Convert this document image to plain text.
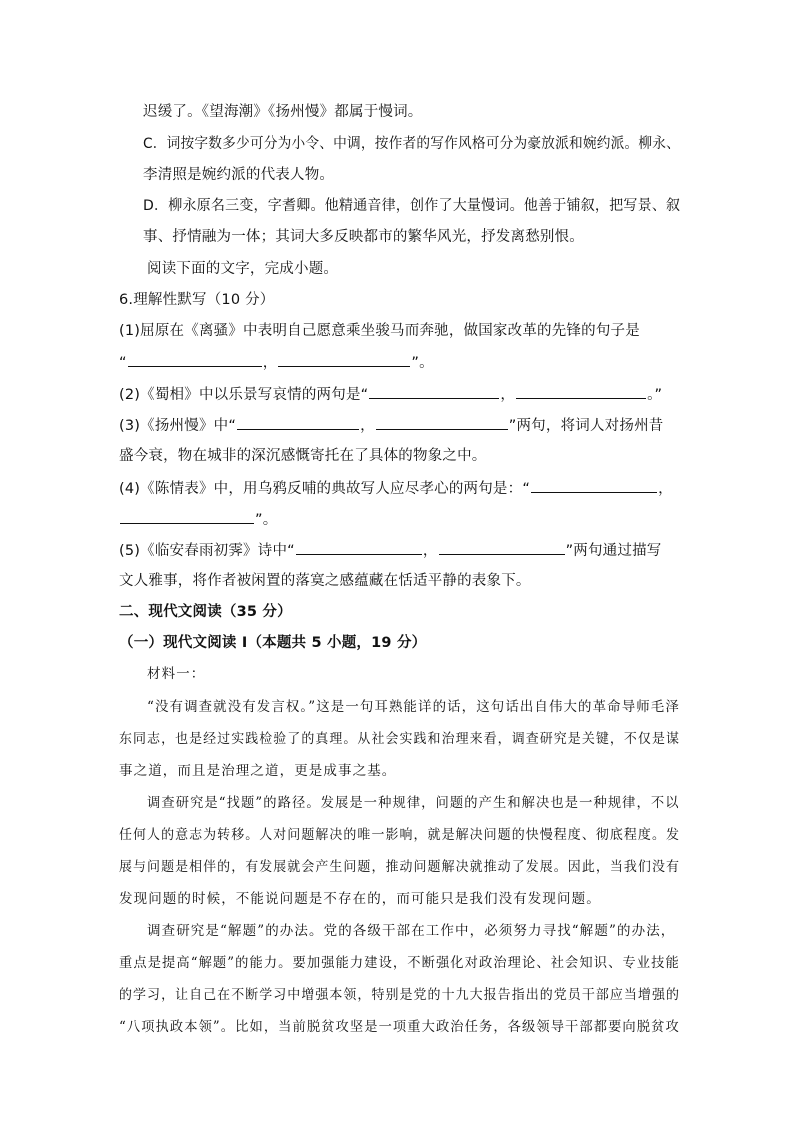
迟缓了。《望海潮》《扬州慢》都属于慢词。
C．词按字数多少可分为小令、中调，按作者的写作风格可分为豪放派和婉约派。柳永、
李清照是婉约派的代表人物。
D．柳永原名三变，字耆卿。他精通音律，创作了大量慢词。他善于铺叙，把写景、叙
事、抒情融为一体；其词大多反映都市的繁华风光，抒发离愁别恨。
阅读下面的文字，完成小题。
6.理解性默写（10 分）
(1)屈原在《离骚》中表明自己愿意乘坐骏马而奔驰，做国家改革的先锋的句子是
“	，	”。
(2)《蜀相》中以乐景写哀情的两句是“	，	。”
(3)《扬州慢》中“	，	”两句，将词人对扬州昔
盛今衰，物在城非的深沉感慨寄托在了具体的物象之中。
(4)《陈情表》中，用乌鸦反哺的典故写人应尽孝心的两句是：“	，
”。
(5)《临安春雨初霁》诗中“	，	”两句通过描写
文人雅事，将作者被闲置的落寞之感蕴藏在恬适平静的表象下。
二、现代文阅读（35 分）
（一）现代文阅读 I（本题共 5 小题，19 分）
材料一：
“没有调查就没有发言权。”这是一句耳熟能详的话，这句话出自伟大的革命导师毛泽
东同志，也是经过实践检验了的真理。从社会实践和治理来看，调查研究是关键，不仅是谋
事之道，而且是治理之道，更是成事之基。
调查研究是“找题”的路径。发展是一种规律，问题的产生和解决也是一种规律，不以
任何人的意志为转移。人对问题解决的唯一影响，就是解决问题的快慢程度、彻底程度。发
展与问题是相伴的，有发展就会产生问题，推动问题解决就推动了发展。因此，当我们没有
发现问题的时候，不能说问题是不存在的，而可能只是我们没有发现问题。
调查研究是“解题”的办法。党的各级干部在工作中，必须努力寻找“解题”的办法，
重点是提高“解题”的能力。要加强能力建设，不断强化对政治理论、社会知识、专业技能
的学习，让自己在不断学习中增强本领，特别是党的十九大报告指出的党员干部应当增强的
“八项执政本领”。比如，当前脱贫攻坚是一项重大政治任务，各级领导干部都要向脱贫攻
